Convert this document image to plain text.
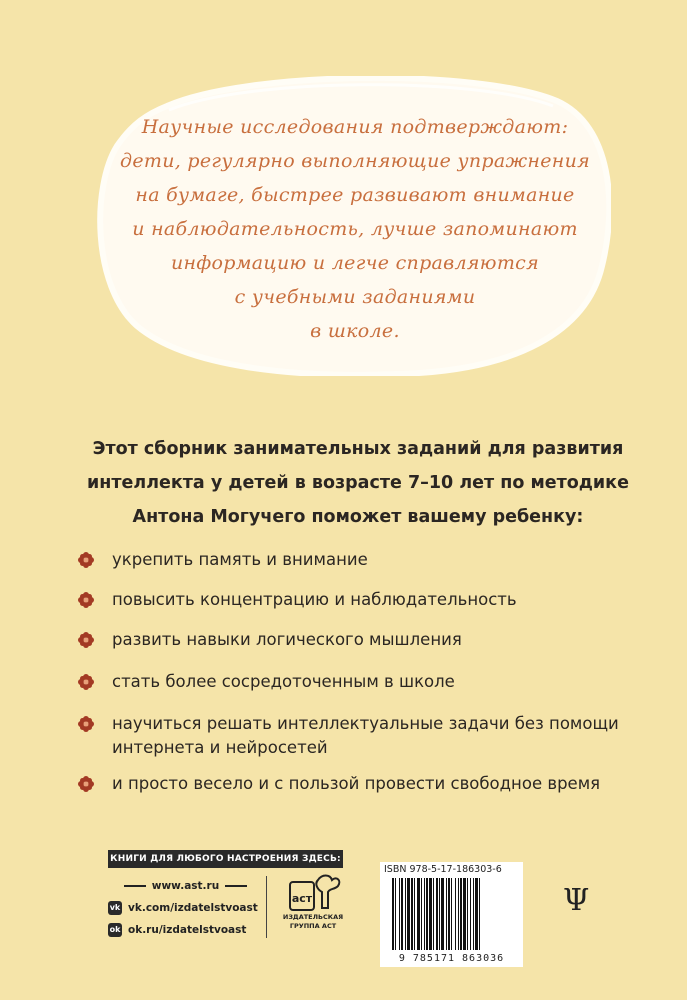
Научные исследования подтверждают:
дети, регулярно выполняющие упражнения
на бумаге, быстрее развивают внимание
и наблюдательность, лучше запоминают
информацию и легче справляются
с учебными заданиями
в школе.
Этот сборник занимательных заданий для развития
интеллекта у детей в возрасте 7–10 лет по методике
Антона Могучего поможет вашему ребенку:
укрепить память и внимание
повысить концентрацию и наблюдательность
развить навыки логического мышления
стать более сосредоточенным в школе
научиться решать интеллектуальные задачи без помощи
интернета и нейросетей
и просто весело и с пользой провести свободное время
КНИГИ ДЛЯ ЛЮБОГО НАСТРОЕНИЯ ЗДЕСЬ:
www.ast.ru
vk vk.com/izdatelstvoast
ok ok.ru/izdatelstvoast
аст
ИЗДАТЕЛЬСКАЯ
ГРУППА АСТ
ISBN 978-5-17-186303-6
9 785171 863036
Ψ
